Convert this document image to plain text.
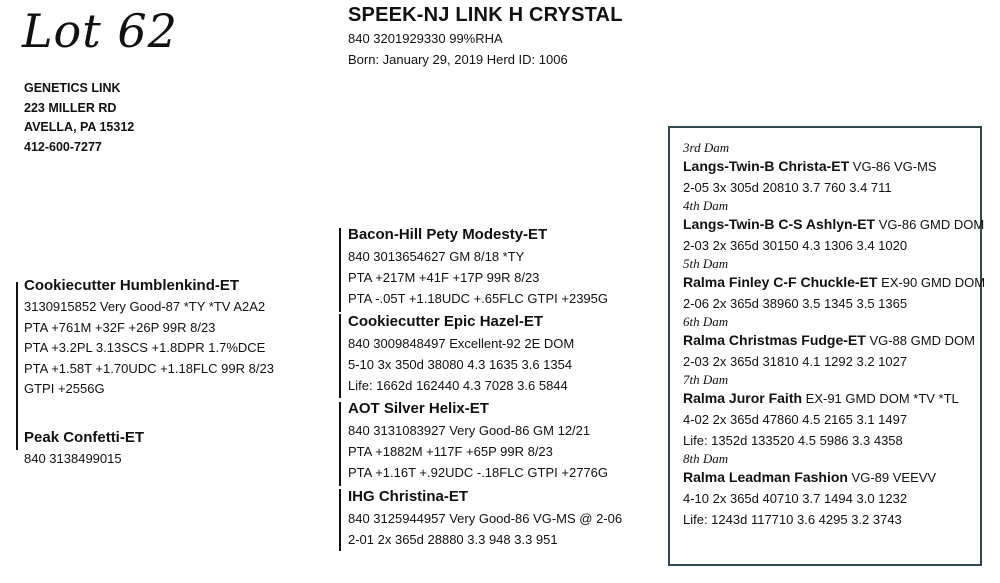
Lot 62
GENETICS LINK
223 MILLER RD
AVELLA, PA 15312
412-600-7277
SPEEK-NJ LINK H CRYSTAL
840 3201929330 99%RHA
Born: January 29, 2019 Herd ID: 1006
Cookiecutter Humblenkind-ET
3130915852 Very Good-87 *TY *TV A2A2
PTA +761M +32F +26P 99R 8/23
PTA +3.2PL 3.13SCS +1.8DPR 1.7%DCE
PTA +1.58T +1.70UDC +1.18FLC 99R 8/23
GTPI +2556G
Peak Confetti-ET
840 3138499015
Bacon-Hill Pety Modesty-ET
840 3013654627 GM 8/18 *TY
PTA +217M +41F +17P 99R 8/23
PTA -.05T +1.18UDC +.65FLC GTPI +2395G
Cookiecutter Epic Hazel-ET
840 3009848497 Excellent-92 2E DOM
5-10 3x 350d 38080 4.3 1635 3.6 1354
Life: 1662d 162440 4.3 7028 3.6 5844
AOT Silver Helix-ET
840 3131083927 Very Good-86 GM 12/21
PTA +1882M +117F +65P 99R 8/23
PTA +1.16T +.92UDC -.18FLC GTPI +2776G
IHG Christina-ET
840 3125944957 Very Good-86 VG-MS @ 2-06
2-01 2x 365d 28880 3.3 948 3.3 951
3rd Dam
Langs-Twin-B Christa-ET VG-86 VG-MS
2-05 3x 305d 20810 3.7 760 3.4 711
4th Dam
Langs-Twin-B C-S Ashlyn-ET VG-86 GMD DOM
2-03 2x 365d 30150 4.3 1306 3.4 1020
5th Dam
Ralma Finley C-F Chuckle-ET EX-90 GMD DOM
2-06 2x 365d 38960 3.5 1345 3.5 1365
6th Dam
Ralma Christmas Fudge-ET VG-88 GMD DOM
2-03 2x 365d 31810 4.1 1292 3.2 1027
7th Dam
Ralma Juror Faith EX-91 GMD DOM *TV *TL
4-02 2x 365d 47860 4.5 2165 3.1 1497
Life: 1352d 133520 4.5 5986 3.3 4358
8th Dam
Ralma Leadman Fashion VG-89 VEEVV
4-10 2x 365d 40710 3.7 1494 3.0 1232
Life: 1243d 117710 3.6 4295 3.2 3743
